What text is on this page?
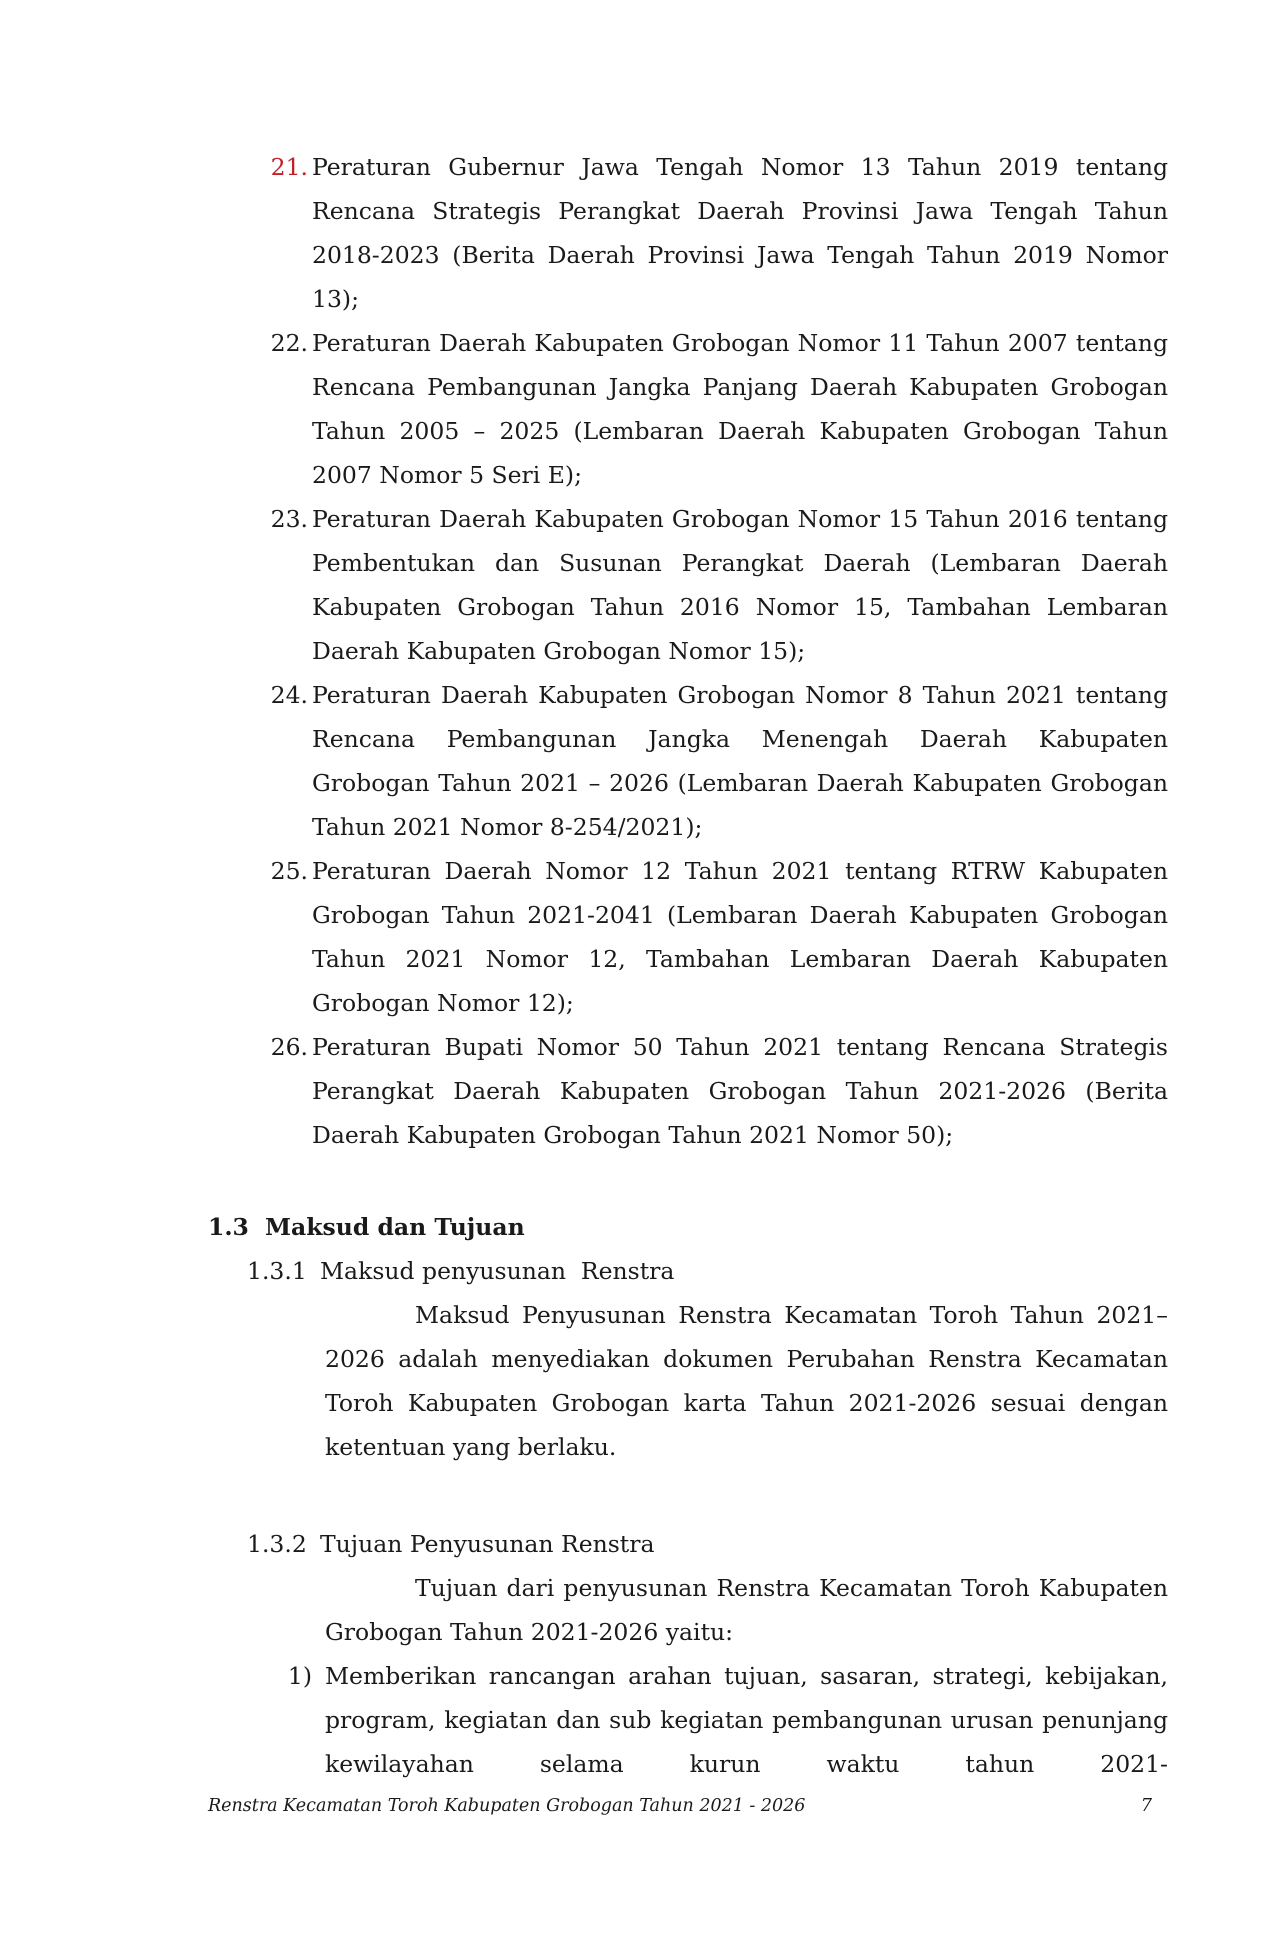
21. Peraturan Gubernur Jawa Tengah Nomor 13 Tahun 2019 tentang Rencana Strategis Perangkat Daerah Provinsi Jawa Tengah Tahun 2018-2023 (Berita Daerah Provinsi Jawa Tengah Tahun 2019 Nomor 13);

22. Peraturan Daerah Kabupaten Grobogan Nomor 11 Tahun 2007 tentang Rencana Pembangunan Jangka Panjang Daerah Kabupaten Grobogan Tahun 2005 – 2025 (Lembaran Daerah Kabupaten Grobogan Tahun 2007 Nomor 5 Seri E);

23. Peraturan Daerah Kabupaten Grobogan Nomor 15 Tahun 2016 tentang Pembentukan dan Susunan Perangkat Daerah (Lembaran Daerah Kabupaten Grobogan Tahun 2016 Nomor 15, Tambahan Lembaran Daerah Kabupaten Grobogan Nomor 15);

24. Peraturan Daerah Kabupaten Grobogan Nomor 8 Tahun 2021 tentang Rencana Pembangunan Jangka Menengah Daerah Kabupaten Grobogan Tahun 2021 – 2026 (Lembaran Daerah Kabupaten Grobogan Tahun 2021 Nomor 8-254/2021);

25. Peraturan Daerah Nomor 12 Tahun 2021 tentang RTRW Kabupaten Grobogan Tahun 2021-2041 (Lembaran Daerah Kabupaten Grobogan Tahun 2021 Nomor 12, Tambahan Lembaran Daerah Kabupaten Grobogan Nomor 12);

26. Peraturan Bupati Nomor 50 Tahun 2021 tentang Rencana Strategis Perangkat Daerah Kabupaten Grobogan Tahun 2021-2026 (Berita Daerah Kabupaten Grobogan Tahun 2021 Nomor 50);

1.3 Maksud dan Tujuan
1.3.1 Maksud penyusunan  Renstra

Maksud Penyusunan Renstra Kecamatan Toroh Tahun 2021–2026 adalah menyediakan dokumen Perubahan Renstra Kecamatan Toroh Kabupaten Grobogan karta Tahun 2021-2026 sesuai dengan ketentuan yang berlaku.

1.3.2 Tujuan Penyusunan Renstra

Tujuan dari penyusunan Renstra Kecamatan Toroh Kabupaten Grobogan Tahun 2021-2026 yaitu:

1) Memberikan rancangan arahan tujuan, sasaran, strategi, kebijakan, program, kegiatan dan sub kegiatan pembangunan urusan penunjang kewilayahan selama kurun waktu tahun 2021-

Renstra Kecamatan Toroh Kabupaten Grobogan Tahun 2021 - 2026	7
